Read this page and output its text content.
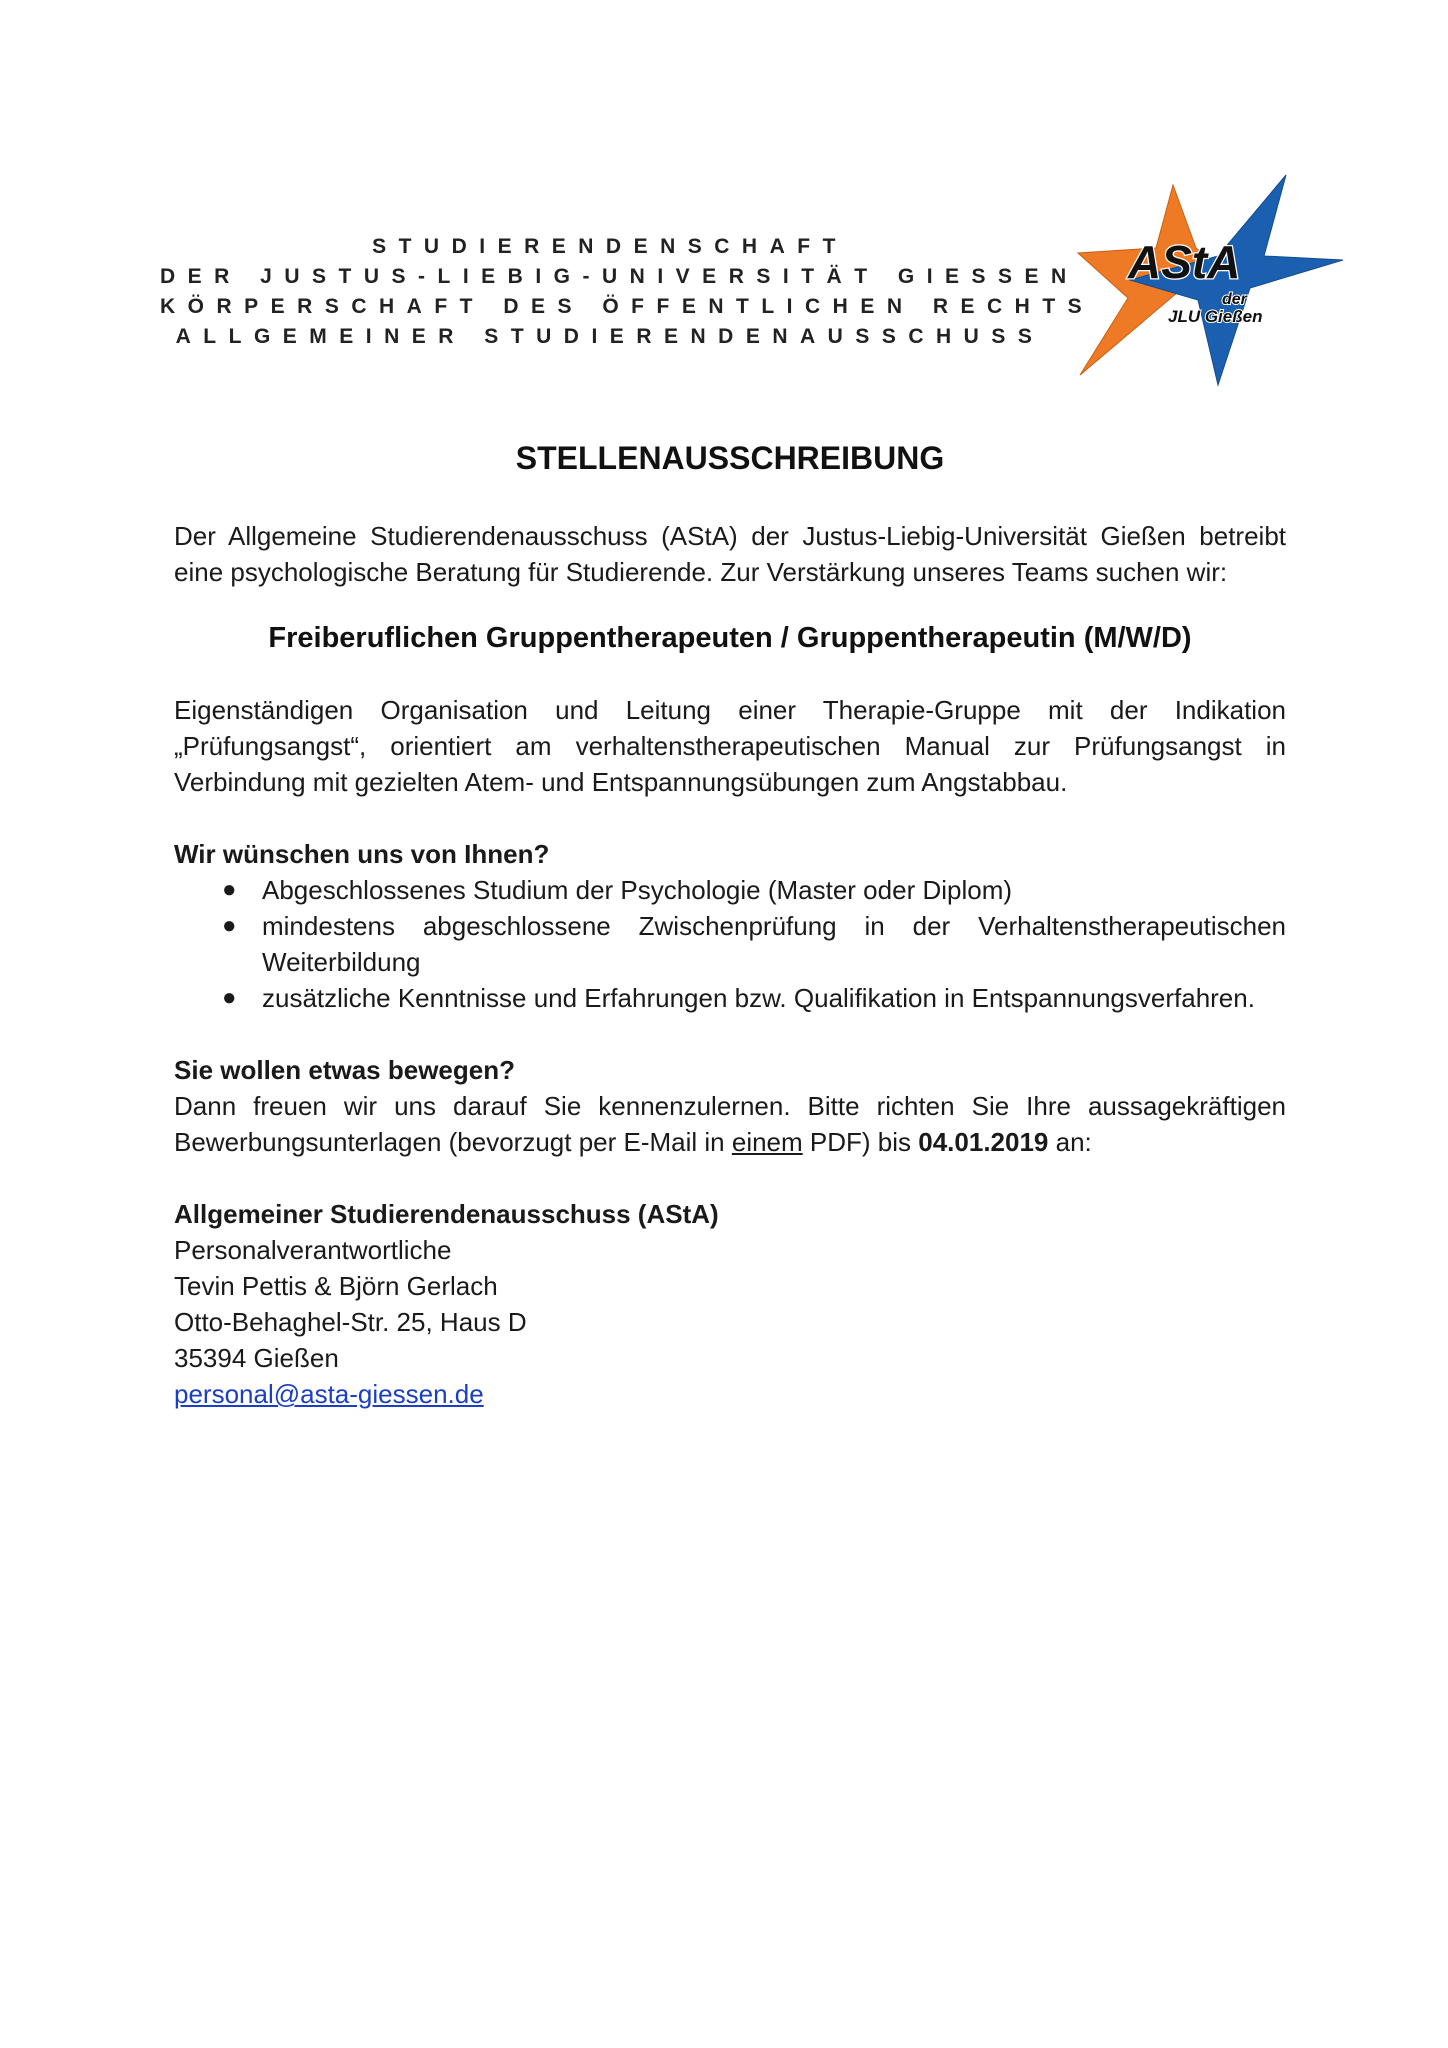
STUDIERENDENSCHAFT
DER JUSTUS-LIEBIG-UNIVERSITÄT GIESSEN
KÖRPERSCHAFT DES ÖFFENTLICHEN RECHTS
ALLGEMEINER STUDIERENDENAUSSCHUSS
AStA
der
JLU Gießen
STELLENAUSSCHREIBUNG

Der Allgemeine Studierendenausschuss (AStA) der Justus-Liebig-Universität Gießen betreibt eine psychologische Beratung für Studierende. Zur Verstärkung unseres Teams suchen wir:

Freiberuflichen Gruppentherapeuten / Gruppentherapeutin (M/W/D)

Eigenständigen Organisation und Leitung einer Therapie-Gruppe mit der Indikation „Prüfungsangst“, orientiert am verhaltenstherapeutischen Manual zur Prüfungsangst in Verbindung mit gezielten Atem- und Entspannungsübungen zum Angstabbau.

Wir wünschen uns von Ihnen?
● Abgeschlossenes Studium der Psychologie (Master oder Diplom)
● mindestens abgeschlossene Zwischenprüfung in der Verhaltenstherapeutischen Weiterbildung
● zusätzliche Kenntnisse und Erfahrungen bzw. Qualifikation in Entspannungsverfahren.
Sie wollen etwas bewegen?

Dann freuen wir uns darauf Sie kennenzulernen. Bitte richten Sie Ihre aussagekräftigen Bewerbungsunterlagen (bevorzugt per E-Mail in einem PDF) bis 04.01.2019 an:

Allgemeiner Studierendenausschuss (AStA)
Personalverantwortliche
Tevin Pettis & Björn Gerlach
Otto-Behaghel-Str. 25, Haus D
35394 Gießen
personal@asta-giessen.de
